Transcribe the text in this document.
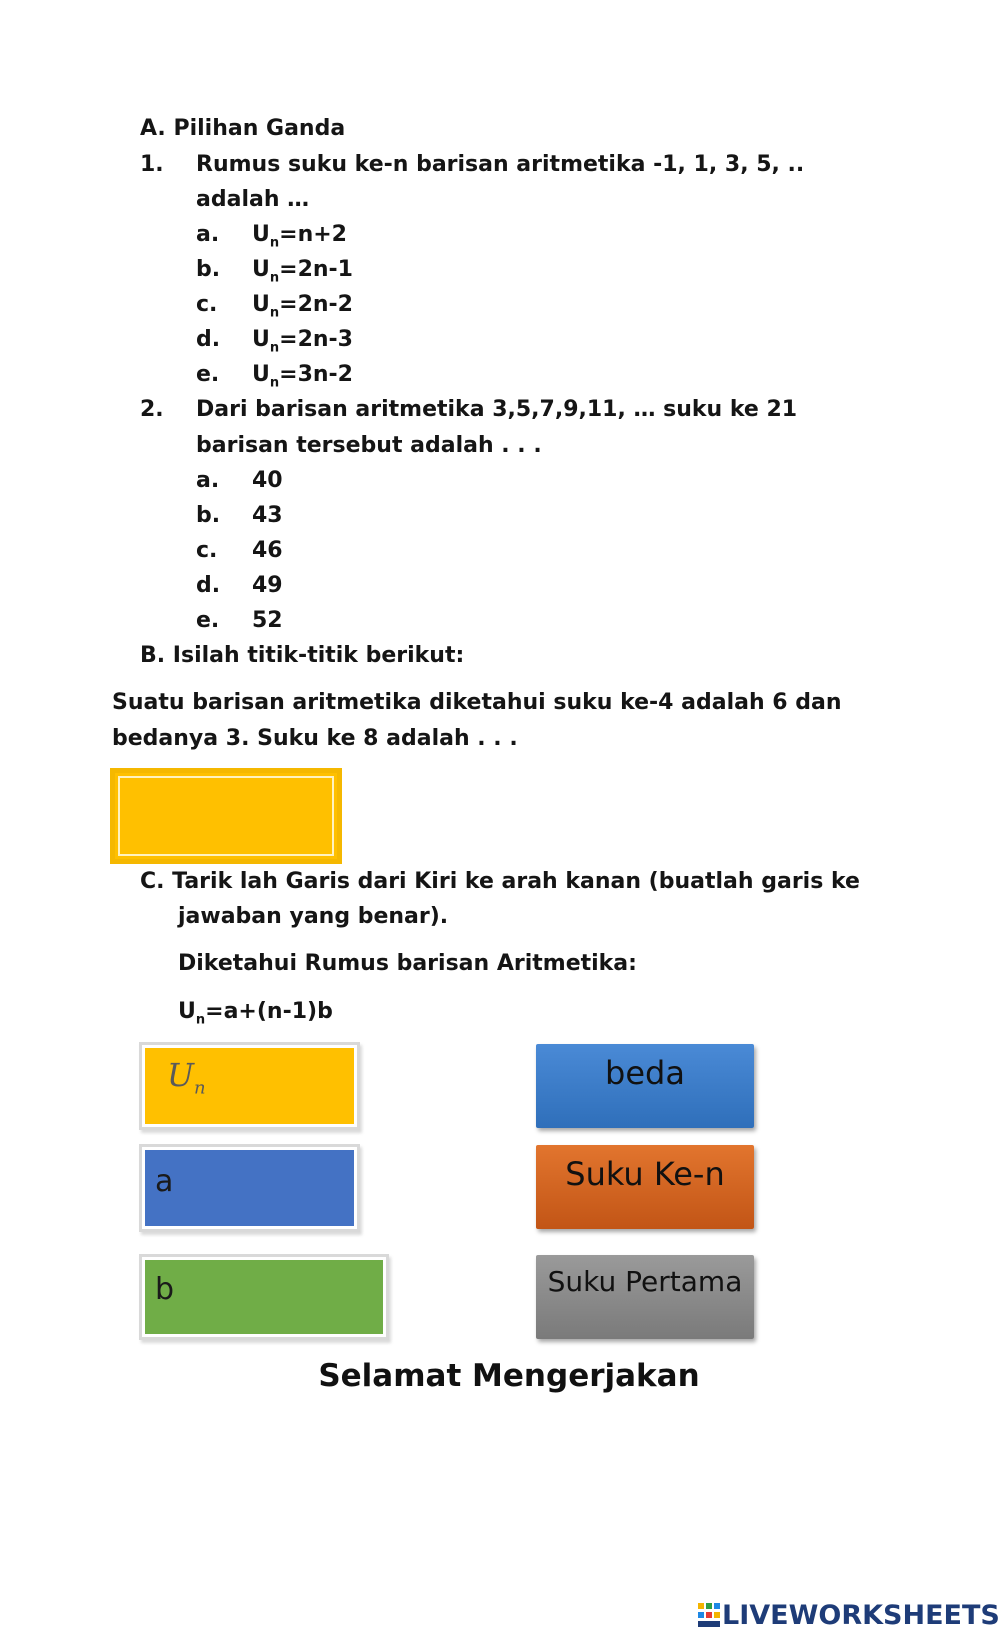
A. Pilihan Ganda
1. Rumus suku ke-n barisan aritmetika -1, 1, 3, 5, ..
adalah …
a. $U_n=n+2$
b. $U_n=2n-1$
c. $U_n=2n-2$
d. $U_n=2n-3$
e. $U_n=3n-2$
2. Dari barisan aritmetika 3,5,7,9,11, … suku ke 21
barisan tersebut adalah . . .
a. 40
b. 43
c. 46
d. 49
e. 52
B. Isilah titik-titik berikut:
Suatu barisan aritmetika diketahui suku ke-4 adalah 6 dan
bedanya 3. Suku ke 8 adalah . . .
C. Tarik lah Garis dari Kiri ke arah kanan (buatlah garis ke
jawaban yang benar).
Diketahui Rumus barisan Aritmetika:
$U_n=a+(n-1)b$
$U_n$
a
b
beda
Suku Ke-n
Suku Pertama
Selamat Mengerjakan
LIVEWORKSHEETS
